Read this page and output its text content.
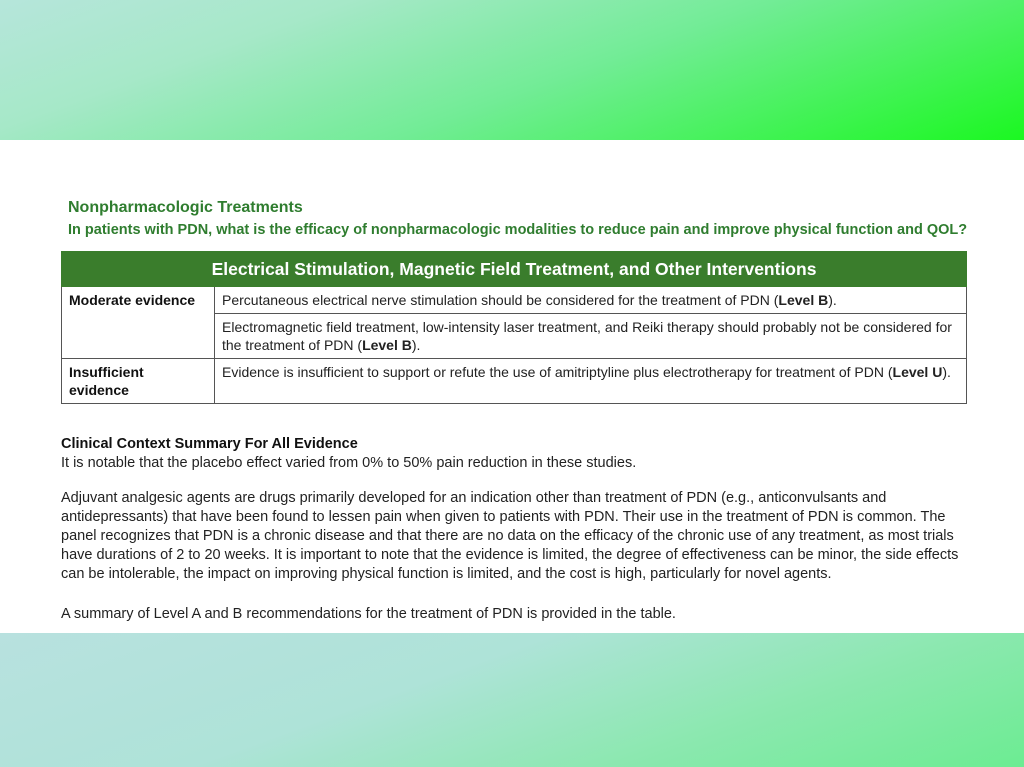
Nonpharmacologic Treatments
In patients with PDN, what is the efficacy of nonpharmacologic modalities to reduce pain and improve physical function and QOL?
Electrical Stimulation, Magnetic Field Treatment, and Other Interventions	
Moderate evidence	Percutaneous electrical nerve stimulation should be considered for the treatment of PDN (Level B).
	Electromagnetic field treatment, low-intensity laser treatment, and Reiki therapy should probably not be considered for the treatment of PDN (Level B).
Insufficient evidence	Evidence is insufficient to support or refute the use of amitriptyline plus electrotherapy for treatment of PDN (Level U).
Clinical Context Summary For All Evidence
It is notable that the placebo effect varied from 0% to 50% pain reduction in these studies.
Adjuvant analgesic agents are drugs primarily developed for an indication other than treatment of PDN (e.g., anticonvulsants and antidepressants) that have been found to lessen pain when given to patients with PDN. Their use in the treatment of PDN is common. The panel recognizes that PDN is a chronic disease and that there are no data on the efficacy of the chronic use of any treatment, as most trials have durations of 2 to 20 weeks. It is important to note that the evidence is limited, the degree of effectiveness can be minor, the side effects can be intolerable, the impact on improving physical function is limited, and the cost is high, particularly for novel agents.
A summary of Level A and B recommendations for the treatment of PDN is provided in the table.
